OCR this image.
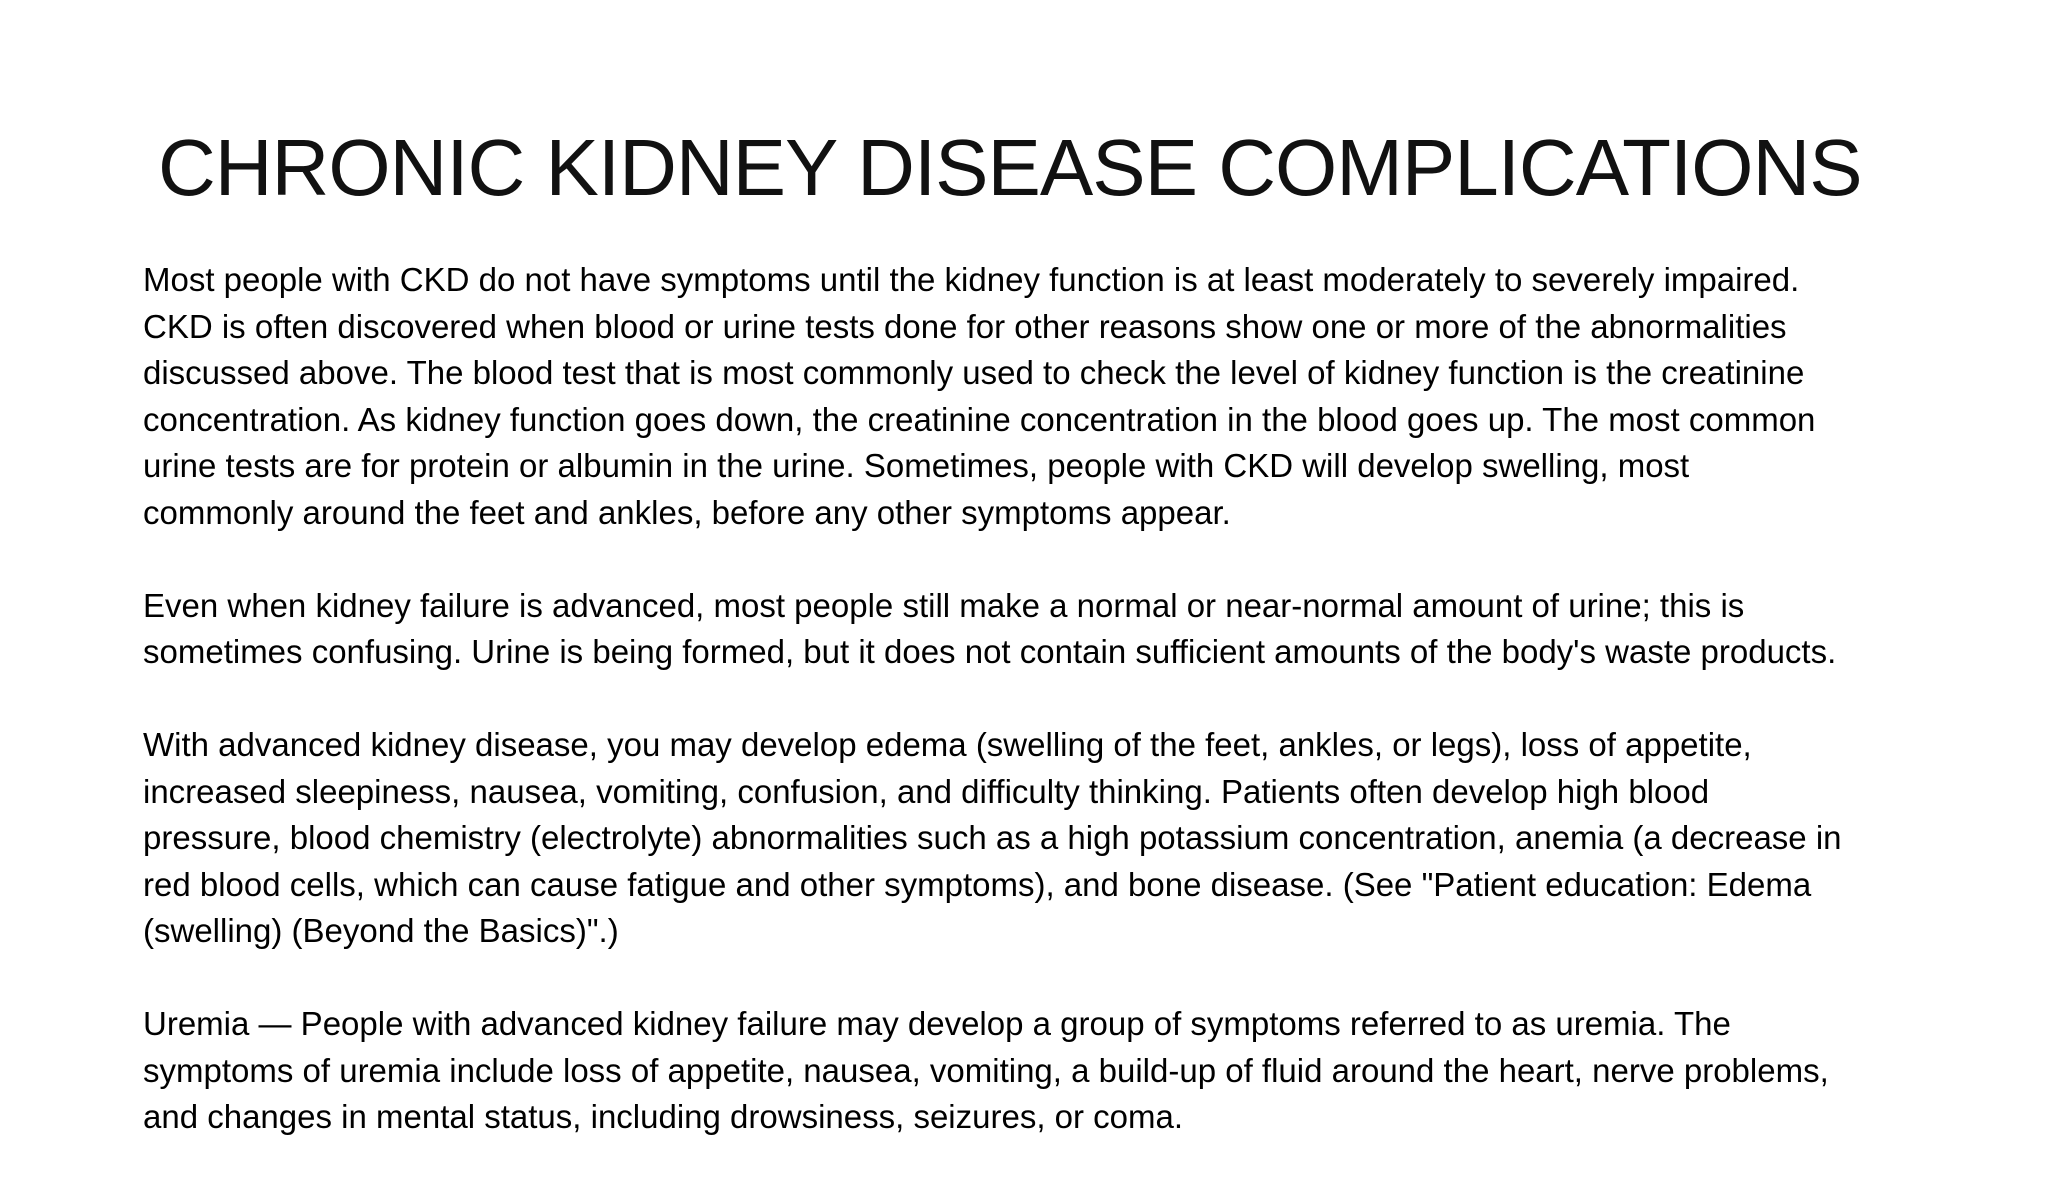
CHRONIC KIDNEY DISEASE COMPLICATIONS

Most people with CKD do not have symptoms until the kidney function is at least moderately to severely impaired.
CKD is often discovered when blood or urine tests done for other reasons show one or more of the abnormalities
discussed above. The blood test that is most commonly used to check the level of kidney function is the creatinine
concentration. As kidney function goes down, the creatinine concentration in the blood goes up. The most common
urine tests are for protein or albumin in the urine. Sometimes, people with CKD will develop swelling, most
commonly around the feet and ankles, before any other symptoms appear.

Even when kidney failure is advanced, most people still make a normal or near-normal amount of urine; this is
sometimes confusing. Urine is being formed, but it does not contain sufficient amounts of the body's waste products.

With advanced kidney disease, you may develop edema (swelling of the feet, ankles, or legs), loss of appetite,
increased sleepiness, nausea, vomiting, confusion, and difficulty thinking. Patients often develop high blood
pressure, blood chemistry (electrolyte) abnormalities such as a high potassium concentration, anemia (a decrease in
red blood cells, which can cause fatigue and other symptoms), and bone disease. (See "Patient education: Edema
(swelling) (Beyond the Basics)".)

Uremia — People with advanced kidney failure may develop a group of symptoms referred to as uremia. The
symptoms of uremia include loss of appetite, nausea, vomiting, a build-up of fluid around the heart, nerve problems,
and changes in mental status, including drowsiness, seizures, or coma.
